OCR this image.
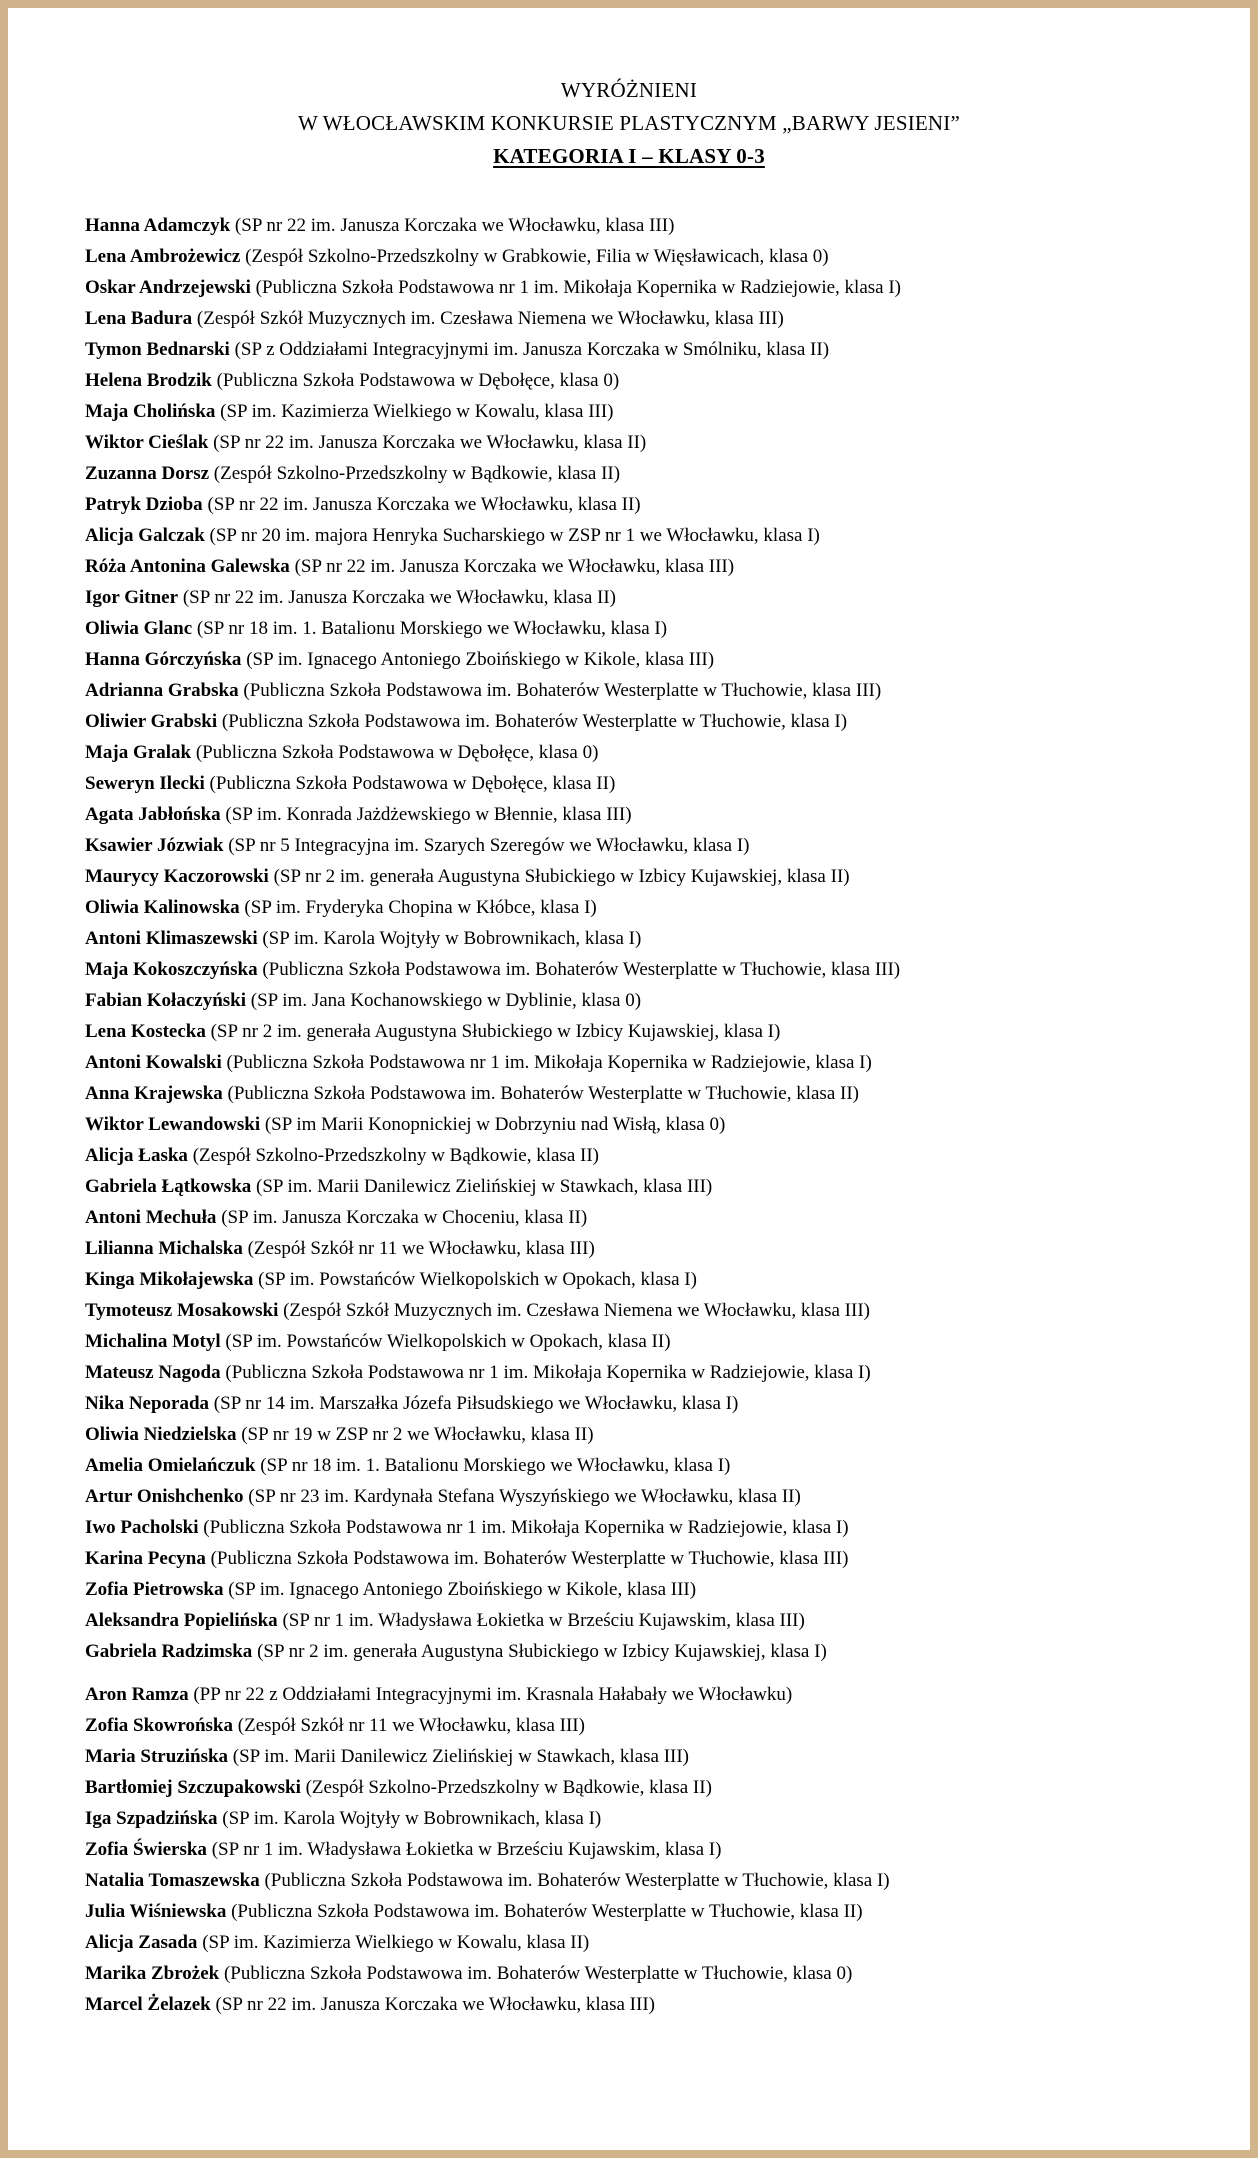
WYRÓŻNIENI
W WŁOCŁAWSKIM KONKURSIE PLASTYCZNYM „BARWY JESIENI”
KATEGORIA I – KLASY 0-3
Hanna Adamczyk (SP nr 22 im. Janusza Korczaka we Włocławku, klasa III)
Lena Ambrożewicz (Zespół Szkolno-Przedszkolny w Grabkowie, Filia w Więsławicach, klasa 0)
Oskar Andrzejewski (Publiczna Szkoła Podstawowa nr 1 im. Mikołaja Kopernika w Radziejowie, klasa I)
Lena Badura (Zespół Szkół Muzycznych im. Czesława Niemena we Włocławku, klasa III)
Tymon Bednarski (SP z Oddziałami Integracyjnymi im. Janusza Korczaka w Smólniku, klasa II)
Helena Brodzik (Publiczna Szkoła Podstawowa w Dębołęce, klasa 0)
Maja Cholińska (SP im. Kazimierza Wielkiego w Kowalu, klasa III)
Wiktor Cieślak (SP nr 22 im. Janusza Korczaka we Włocławku, klasa II)
Zuzanna Dorsz (Zespół Szkolno-Przedszkolny w Bądkowie, klasa II)
Patryk Dzioba (SP nr 22 im. Janusza Korczaka we Włocławku, klasa II)
Alicja Galczak (SP nr 20 im. majora Henryka Sucharskiego w ZSP nr 1 we Włocławku, klasa I)
Róża Antonina Galewska (SP nr 22 im. Janusza Korczaka we Włocławku, klasa III)
Igor Gitner (SP nr 22 im. Janusza Korczaka we Włocławku, klasa II)
Oliwia Glanc (SP nr 18 im. 1. Batalionu Morskiego we Włocławku, klasa I)
Hanna Górczyńska (SP im. Ignacego Antoniego Zboińskiego w Kikole, klasa III)
Adrianna Grabska (Publiczna Szkoła Podstawowa im. Bohaterów Westerplatte w Tłuchowie, klasa III)
Oliwier Grabski (Publiczna Szkoła Podstawowa im. Bohaterów Westerplatte w Tłuchowie, klasa I)
Maja Gralak (Publiczna Szkoła Podstawowa w Dębołęce, klasa 0)
Seweryn Ilecki (Publiczna Szkoła Podstawowa w Dębołęce, klasa II)
Agata Jabłońska (SP im. Konrada Jażdżewskiego w Błennie, klasa III)
Ksawier Józwiak (SP nr 5 Integracyjna im. Szarych Szeregów we Włocławku, klasa I)
Maurycy Kaczorowski (SP nr 2 im. generała Augustyna Słubickiego w Izbicy Kujawskiej, klasa II)
Oliwia Kalinowska (SP im. Fryderyka Chopina w Kłóbce, klasa I)
Antoni Klimaszewski (SP im. Karola Wojtyły w Bobrownikach, klasa I)
Maja Kokoszczyńska (Publiczna Szkoła Podstawowa im. Bohaterów Westerplatte w Tłuchowie, klasa III)
Fabian Kołaczyński (SP im. Jana Kochanowskiego w Dyblinie, klasa 0)
Lena Kostecka (SP nr 2 im. generała Augustyna Słubickiego w Izbicy Kujawskiej, klasa I)
Antoni Kowalski (Publiczna Szkoła Podstawowa nr 1 im. Mikołaja Kopernika w Radziejowie, klasa I)
Anna Krajewska (Publiczna Szkoła Podstawowa im. Bohaterów Westerplatte w Tłuchowie, klasa II)
Wiktor Lewandowski (SP im Marii Konopnickiej w Dobrzyniu nad Wisłą, klasa 0)
Alicja Łaska (Zespół Szkolno-Przedszkolny w Bądkowie, klasa II)
Gabriela Łątkowska (SP im. Marii Danilewicz Zielińskiej w Stawkach, klasa III)
Antoni Mechuła (SP im. Janusza Korczaka w Choceniu, klasa II)
Lilianna Michalska (Zespół Szkół nr 11 we Włocławku, klasa III)
Kinga Mikołajewska (SP im. Powstańców Wielkopolskich w Opokach, klasa I)
Tymoteusz Mosakowski (Zespół Szkół Muzycznych im. Czesława Niemena we Włocławku, klasa III)
Michalina Motyl (SP im. Powstańców Wielkopolskich w Opokach, klasa II)
Mateusz Nagoda (Publiczna Szkoła Podstawowa nr 1 im. Mikołaja Kopernika w Radziejowie, klasa I)
Nika Neporada (SP nr 14 im. Marszałka Józefa Piłsudskiego we Włocławku, klasa I)
Oliwia Niedzielska (SP nr 19 w ZSP nr 2 we Włocławku, klasa II)
Amelia Omielańczuk (SP nr 18 im. 1. Batalionu Morskiego we Włocławku, klasa I)
Artur Onishchenko (SP nr 23 im. Kardynała Stefana Wyszyńskiego we Włocławku, klasa II)
Iwo Pacholski (Publiczna Szkoła Podstawowa nr 1 im. Mikołaja Kopernika w Radziejowie, klasa I)
Karina Pecyna (Publiczna Szkoła Podstawowa im. Bohaterów Westerplatte w Tłuchowie, klasa III)
Zofia Pietrowska (SP im. Ignacego Antoniego Zboińskiego w Kikole, klasa III)
Aleksandra Popielińska (SP nr 1 im. Władysława Łokietka w Brześciu Kujawskim, klasa III)
Gabriela Radzimska (SP nr 2 im. generała Augustyna Słubickiego w Izbicy Kujawskiej, klasa I)
Aron Ramza (PP nr 22 z Oddziałami Integracyjnymi im. Krasnala Hałabały we Włocławku)
Zofia Skowrońska (Zespół Szkół nr 11 we Włocławku, klasa III)
Maria Struzińska (SP im. Marii Danilewicz Zielińskiej w Stawkach, klasa III)
Bartłomiej Szczupakowski (Zespół Szkolno-Przedszkolny w Bądkowie, klasa II)
Iga Szpadzińska (SP im. Karola Wojtyły w Bobrownikach, klasa I)
Zofia Świerska (SP nr 1 im. Władysława Łokietka w Brześciu Kujawskim, klasa I)
Natalia Tomaszewska (Publiczna Szkoła Podstawowa im. Bohaterów Westerplatte w Tłuchowie, klasa I)
Julia Wiśniewska (Publiczna Szkoła Podstawowa im. Bohaterów Westerplatte w Tłuchowie, klasa II)
Alicja Zasada (SP im. Kazimierza Wielkiego w Kowalu, klasa II)
Marika Zbrożek (Publiczna Szkoła Podstawowa im. Bohaterów Westerplatte w Tłuchowie, klasa 0)
Marcel Żelazek (SP nr 22 im. Janusza Korczaka we Włocławku, klasa III)
